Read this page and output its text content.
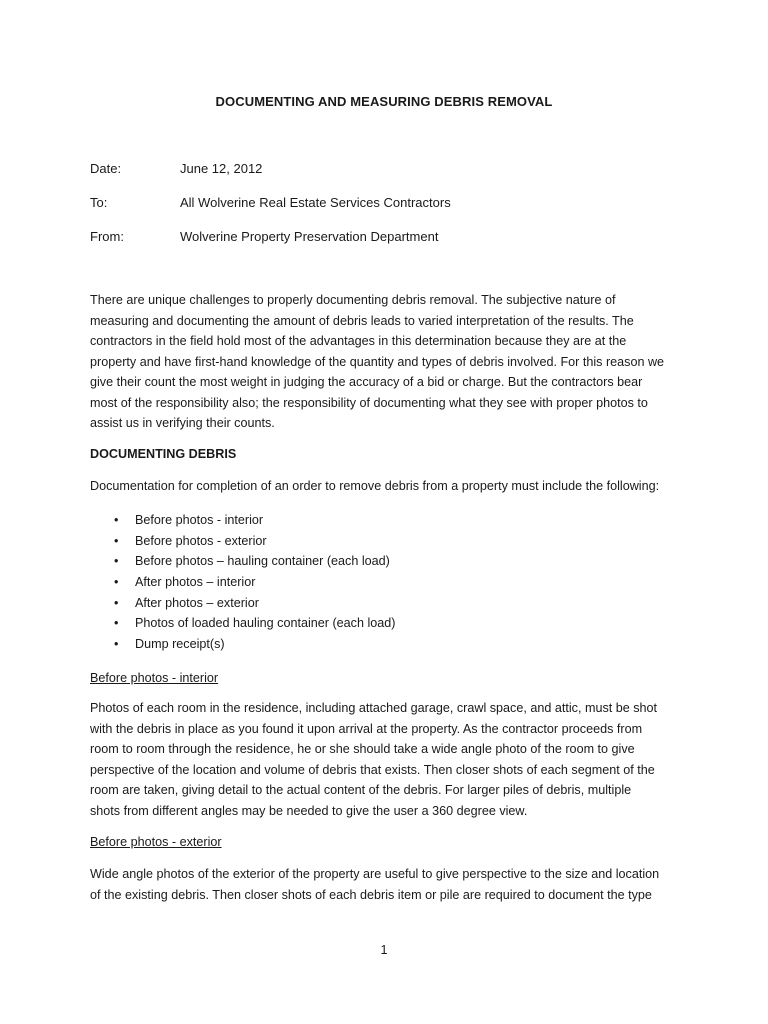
DOCUMENTING AND MEASURING DEBRIS REMOVAL
Date:	June 12, 2012
To:	All Wolverine Real Estate Services Contractors
From:	Wolverine Property Preservation Department
There are unique challenges to properly documenting debris removal. The subjective nature of
measuring and documenting the amount of debris leads to varied interpretation of the results. The
contractors in the field hold most of the advantages in this determination because they are at the
property and have first-hand knowledge of the quantity and types of debris involved. For this reason we
give their count the most weight in judging the accuracy of a bid or charge. But the contractors bear
most of the responsibility also; the responsibility of documenting what they see with proper photos to
assist us in verifying their counts.
DOCUMENTING DEBRIS
Documentation for completion of an order to remove debris from a property must include the following:
• Before photos - interior
• Before photos - exterior
• Before photos – hauling container (each load)
• After photos – interior
• After photos – exterior
• Photos of loaded hauling container (each load)
• Dump receipt(s)
Before photos - interior
Photos of each room in the residence, including attached garage, crawl space, and attic, must be shot
with the debris in place as you found it upon arrival at the property. As the contractor proceeds from
room to room through the residence, he or she should take a wide angle photo of the room to give
perspective of the location and volume of debris that exists. Then closer shots of each segment of the
room are taken, giving detail to the actual content of the debris. For larger piles of debris, multiple
shots from different angles may be needed to give the user a 360 degree view.
Before photos - exterior
Wide angle photos of the exterior of the property are useful to give perspective to the size and location
of the existing debris. Then closer shots of each debris item or pile are required to document the type
1
